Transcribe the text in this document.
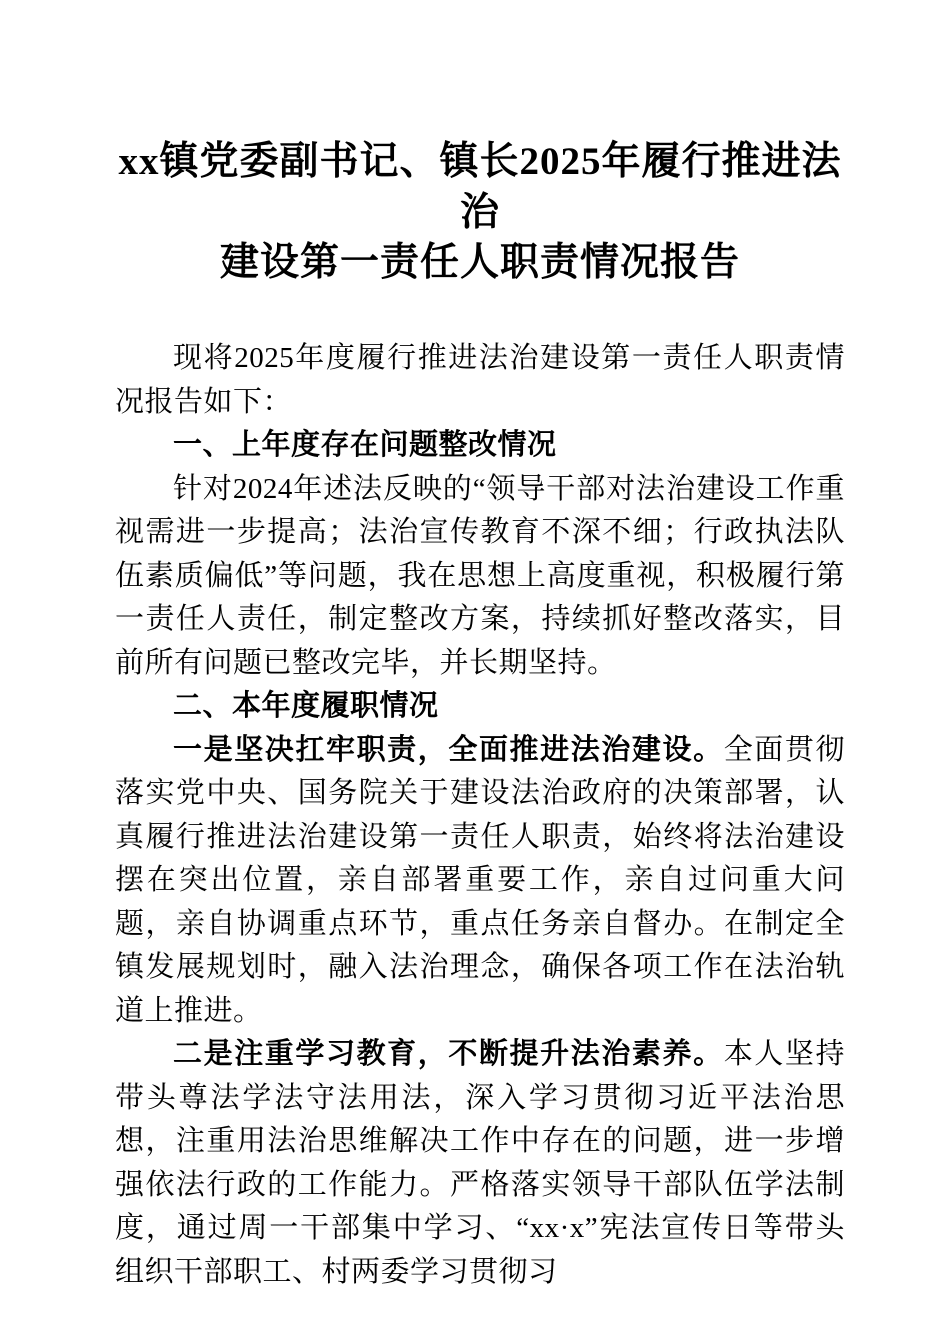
xx镇党委副书记、镇长2025年履行推进法治
建设第一责任人职责情况报告

现将2025年度履行推进法治建设第一责任人职责情况报告如下：

一、上年度存在问题整改情况

针对2024年述法反映的“领导干部对法治建设工作重视需进一步提高；法治宣传教育不深不细；行政执法队伍素质偏低”等问题，我在思想上高度重视，积极履行第一责任人责任，制定整改方案，持续抓好整改落实，目前所有问题已整改完毕，并长期坚持。

二、本年度履职情况

一是坚决扛牢职责，全面推进法治建设。全面贯彻落实党中央、国务院关于建设法治政府的决策部署，认真履行推进法治建设第一责任人职责，始终将法治建设摆在突出位置，亲自部署重要工作，亲自过问重大问题，亲自协调重点环节，重点任务亲自督办。在制定全镇发展规划时，融入法治理念，确保各项工作在法治轨道上推进。

二是注重学习教育，不断提升法治素养。本人坚持带头尊法学法守法用法，深入学习贯彻习近平法治思想，注重用法治思维解决工作中存在的问题，进一步增强依法行政的工作能力。严格落实领导干部队伍学法制度，通过周一干部集中学习、“xx·x”宪法宣传日等带头组织干部职工、村两委学习贯彻习
